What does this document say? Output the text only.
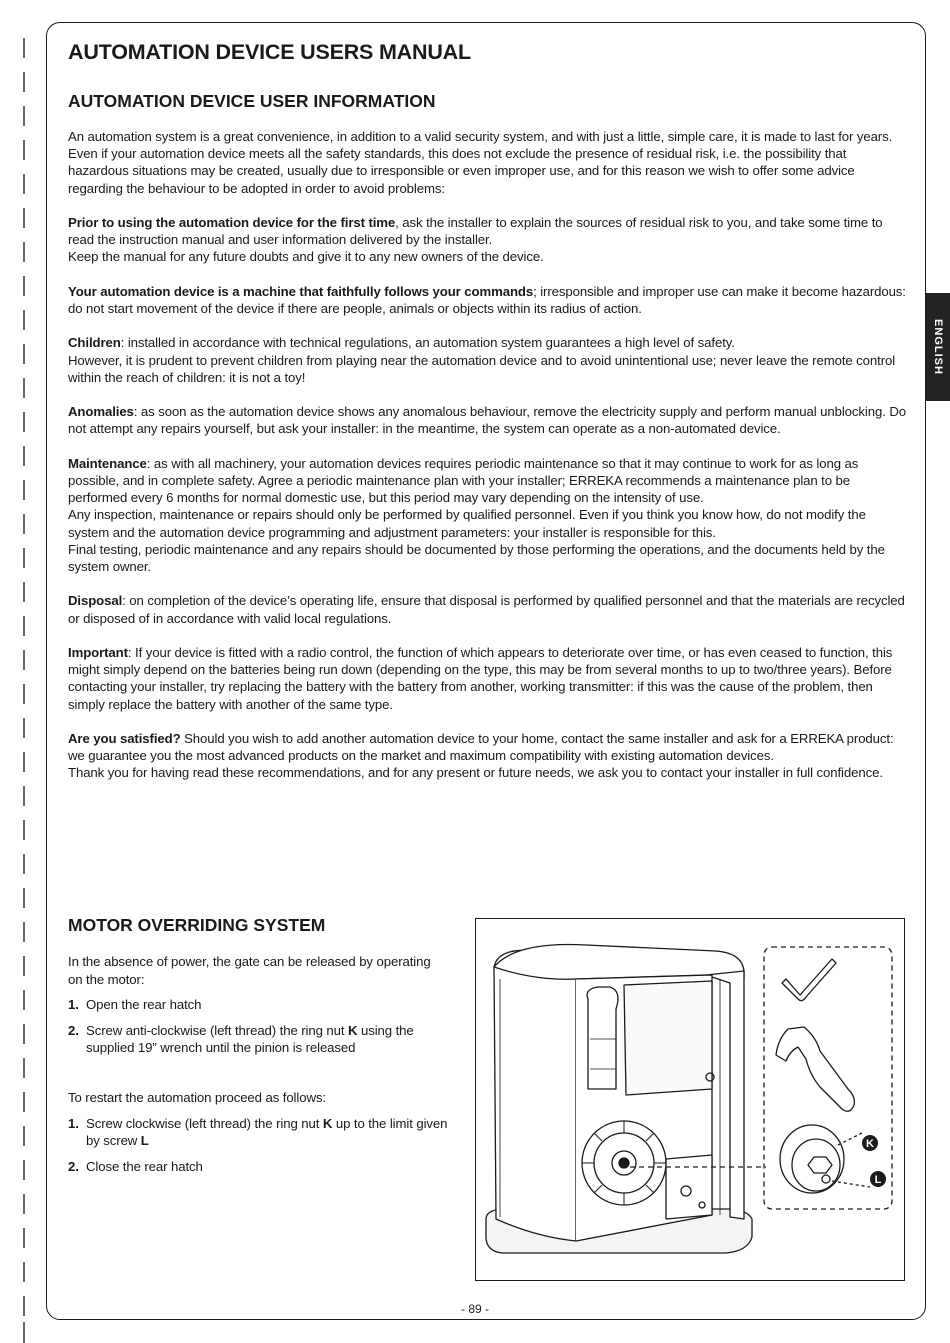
ENGLISH
AUTOMATION DEVICE USERS MANUAL
AUTOMATION DEVICE USER INFORMATION

An automation system is a great convenience, in addition to a valid security system, and with just a little, simple care, it is made to last for years.
Even if your automation device meets all the safety standards, this does not exclude the presence of residual risk, i.e. the possibility that hazardous situations may be created, usually due to irresponsible or even improper use, and for this reason we wish to offer some advice regarding the behaviour to be adopted in order to avoid problems:

Prior to using the automation device for the first time, ask the installer to explain the sources of residual risk to you, and take some time to read the instruction manual and user information delivered by the installer.
Keep the manual for any future doubts and give it to any new owners of the device.

Your automation device is a machine that faithfully follows your commands; irresponsible and improper use can make it become hazardous: do not start movement of the device if there are people, animals or objects within its radius of action.

Children: installed in accordance with technical regulations, an automation system guarantees a high level of safety.
However, it is prudent to prevent children from playing near the automation device and to avoid unintentional use; never leave the remote control within the reach of children: it is not a toy!

Anomalies: as soon as the automation device shows any anomalous behaviour, remove the electricity supply and perform manual unblocking. Do not attempt any repairs yourself, but ask your installer: in the meantime, the system can operate as a non-automated device.

Maintenance: as with all machinery, your automation devices requires periodic maintenance so that it may continue to work for as long as possible, and in complete safety. Agree a periodic maintenance plan with your installer; ERREKA recommends a maintenance plan to be performed every 6 months for normal domestic use, but this period may vary depending on the intensity of use.
Any inspection, maintenance or repairs should only be performed by qualified personnel. Even if you think you know how, do not modify the system and the automation device programming and adjustment parameters: your installer is responsible for this.
Final testing, periodic maintenance and any repairs should be documented by those performing the operations, and the documents held by the system owner.

Disposal: on completion of the device’s operating life, ensure that disposal is performed by qualified personnel and that the materials are recycled or disposed of in accordance with valid local regulations.

Important: If your device is fitted with a radio control, the function of which appears to deteriorate over time, or has even ceased to function, this might simply depend on the batteries being run down (depending on the type, this may be from several months to up to two/three years). Before contacting your installer, try replacing the battery with the battery from another, working transmitter: if this was the cause of the problem, then simply replace the battery with another of the same type.

Are you satisfied? Should you wish to add another automation device to your home, contact the same installer and ask for a ERREKA product: we guarantee you the most advanced products on the market and maximum compatibility with existing automation devices.
Thank you for having read these recommendations, and for any present or future needs, we ask you to contact your installer in full confidence.

MOTOR OVERRIDING SYSTEM

In the absence of power, the gate can be released by operating on the motor:

1. Open the rear hatch
2. Screw anti-clockwise (left thread) the ring nut K using the supplied 19” wrench until the pinion is released

To restart the automation proceed as follows:

1. Screw clockwise (left thread) the ring nut K up to the limit given by screw L
2. Close the rear hatch
K
L
- 89 -
